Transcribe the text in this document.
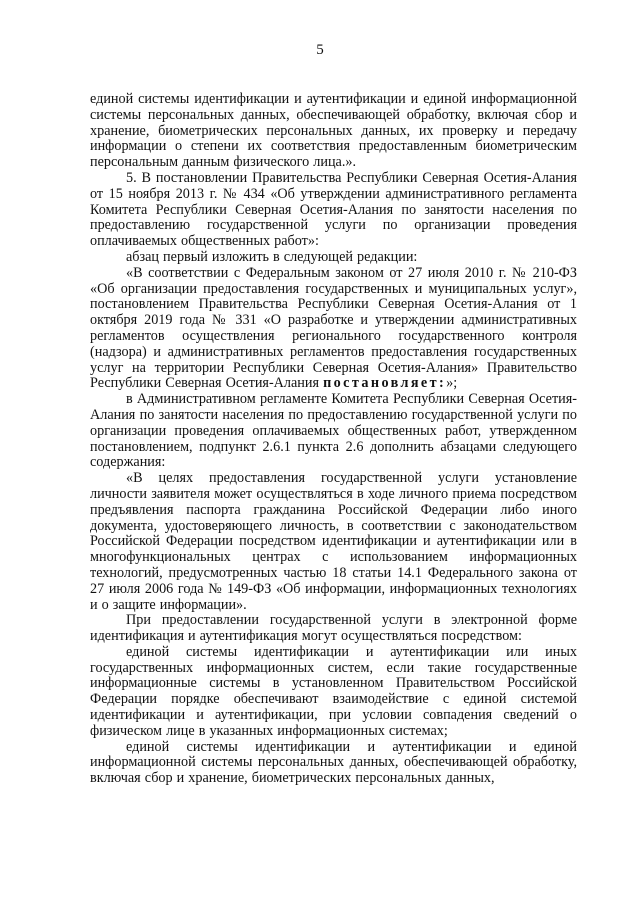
5

единой системы идентификации и аутентификации и единой информационной системы персональных данных, обеспечивающей обработку, включая сбор и хранение, биометрических персональных данных, их проверку и передачу информации о степени их соответствия предоставленным биометрическим персональным данным физического лица.».

5. В постановлении Правительства Республики Северная Осетия-Алания от 15 ноября 2013 г. № 434 «Об утверждении административного регламента Комитета Республики Северная Осетия-Алания по занятости населения по предоставлению государственной услуги по организации проведения оплачиваемых общественных работ»:

абзац первый изложить в следующей редакции:

«В соответствии с Федеральным законом от 27 июля 2010 г. № 210-ФЗ «Об организации предоставления государственных и муниципальных услуг», постановлением Правительства Республики Северная Осетия-Алания от 1 октября 2019 года № 331 «О разработке и утверждении административных регламентов осуществления регионального государственного контроля (надзора) и административных регламентов предоставления государственных услуг на территории Республики Северная Осетия-Алания» Правительство Республики Северная Осетия-Алания постановляет:»;

в Административном регламенте Комитета Республики Северная Осетия-Алания по занятости населения по предоставлению государственной услуги по организации проведения оплачиваемых общественных работ, утвержденном постановлением, подпункт 2.6.1 пункта 2.6 дополнить абзацами следующего содержания:

«В целях предоставления государственной услуги установление личности заявителя может осуществляться в ходе личного приема посредством предъявления паспорта гражданина Российской Федерации либо иного документа, удостоверяющего личность, в соответствии с законодательством Российской Федерации посредством идентификации и аутентификации или в многофункциональных центрах с использованием информационных технологий, предусмотренных частью 18 статьи 14.1 Федерального закона от 27 июля 2006 года № 149-ФЗ «Об информации, информационных технологиях и о защите информации».

При предоставлении государственной услуги в электронной форме идентификация и аутентификация могут осуществляться посредством:

единой системы идентификации и аутентификации или иных государственных информационных систем, если такие государственные информационные системы в установленном Правительством Российской Федерации порядке обеспечивают взаимодействие с единой системой идентификации и аутентификации, при условии совпадения сведений о физическом лице в указанных информационных системах;

единой системы идентификации и аутентификации и единой информационной системы персональных данных, обеспечивающей обработку, включая сбор и хранение, биометрических персональных данных,
